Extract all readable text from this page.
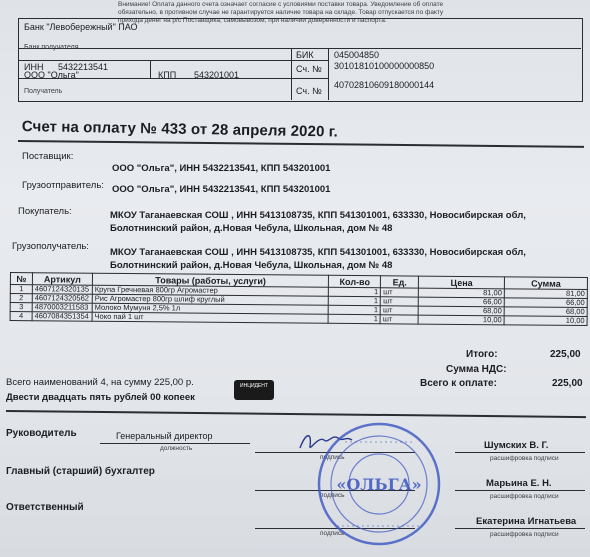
Внимание! Оплата данного счета означает согласие с условиями поставки товара. Уведомление об оплате
обязательно, в противном случае не гарантируется наличие товара на складе. Товар отпускается по факту
прихода денег на р/с Поставщика, самовывозом, при наличии доверенности и паспорта.
Банк "Левобережный" ПАО
Банк получателя
БИК 045004850
Сч. № 30101810100000000850
ИНН 5432213541
КПП 543201001
ООО "Ольга"
Сч. №
40702810609180000144
Получатель
Счет на оплату № 433 от 28 апреля 2020 г.
Поставщик:
ООО "Ольга", ИНН 5432213541, КПП 543201001
Грузоотправитель: ООО "Ольга", ИНН 5432213541, КПП 543201001
Покупатель:	МКОУ Таганаевская СОШ , ИНН 5413108735, КПП 541301001, 633330, Новосибирская обл,
Болотнинский район, д.Новая Чебула, Школьная, дом № 48
Грузополучатель:
МКОУ Таганаевская СОШ , ИНН 5413108735, КПП 541301001, 633330, Новосибирская обл,
Болотнинский район, д.Новая Чебула, Школьная, дом № 48
№	Артикул	Товары (работы, услуги)	Кол-во	Ед.	Цена	Сумма
1	4607124320135	Крупа Гречневая 800гр Агромастер	1	шт	81,00	81,00
2	4607124320562	Рис Агромастер 800гр шлиф круглый	1	шт	66,00	66,00
3	4870003211583	Молоко Мумуня 2,5% 1л	1	шт	68,00	68,00
4	4607084351354	Чоко пай 1 шт	1	шт	10,00	10,00
Итого:	225,00
Сумма НДС:
Всего к оплате:	225,00
Всего наименований 4, на сумму 225,00 р.
Двести двадцать пять рублей 00 копеек
ИНЦИДЕНТ
Руководитель	Генеральный директор
должность
подпись
Шумских В. Г.
расшифровка подписи
Главный (старший) бухгалтер
подпись
Марьина Е. Н.
расшифровка подписи
Ответственный
подпись
Екатерина Игнатьева
расшифровка подписи
«ОЛЬГА»
